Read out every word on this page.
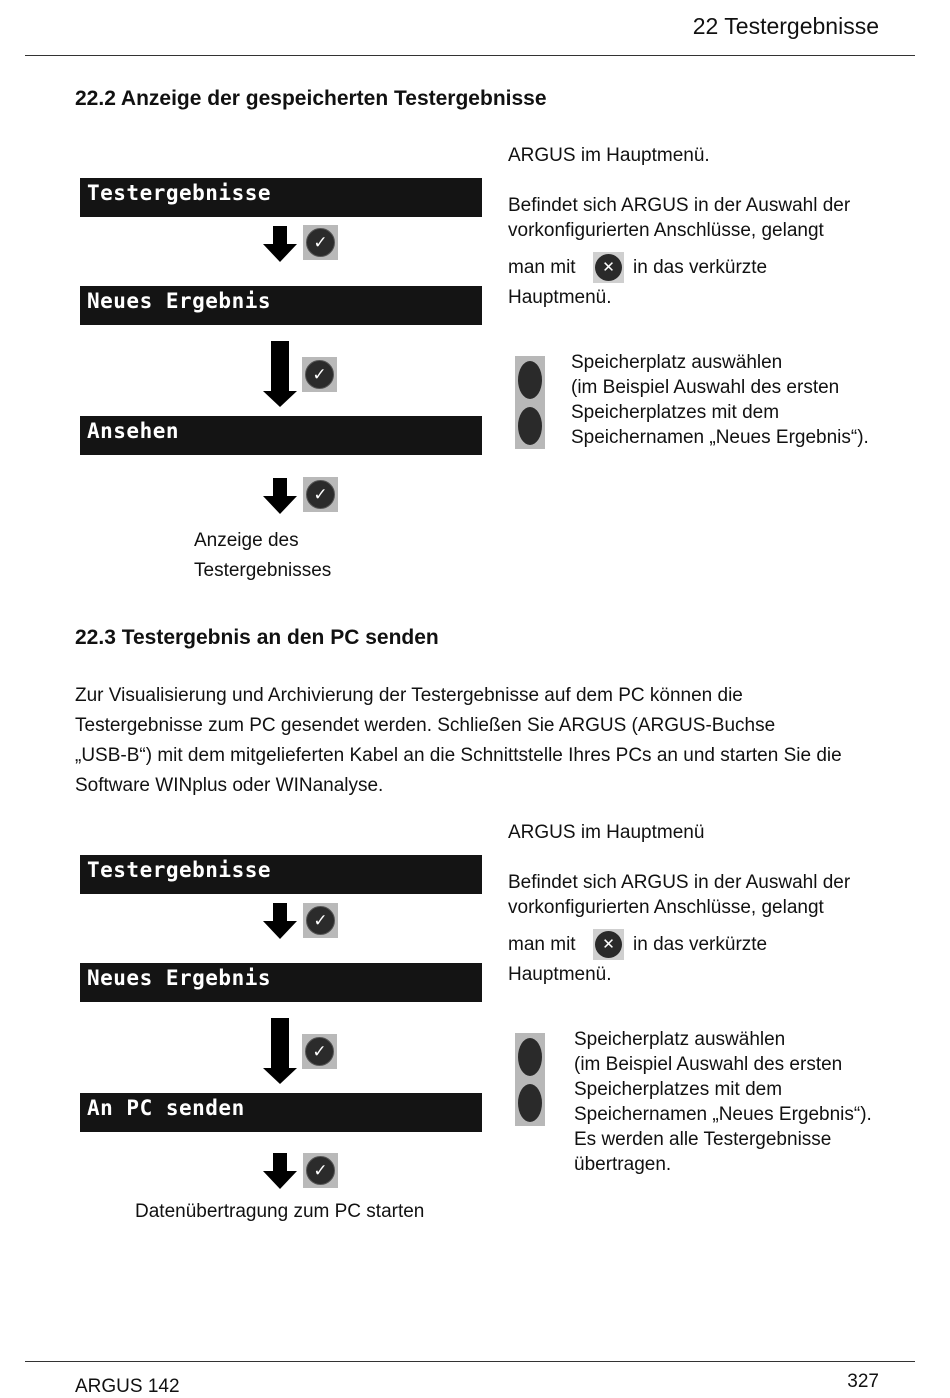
22 Testergebnisse
22.2 Anzeige der gespeicherten Testergebnisse
Testergebnisse
✓
Neues Ergebnis
✓
Ansehen
✓
Anzeige des
Testergebnisses
ARGUS im Hauptmenü.
Befindet sich ARGUS in der Auswahl der
vorkonfigurierten Anschlüsse, gelangt
man mit	✕ in das verkürzte
Hauptmenü.
Speicherplatz auswählen
(im Beispiel Auswahl des ersten
Speicherplatzes mit dem
Speichernamen „Neues Ergebnis“).
22.3 Testergebnis an den PC senden
Zur Visualisierung und Archivierung der Testergebnisse auf dem PC können die
Testergebnisse zum PC gesendet werden. Schließen Sie ARGUS (ARGUS-Buchse
„USB-B“) mit dem mitgelieferten Kabel an die Schnittstelle Ihres PCs an und starten Sie die
Software WINplus oder WINanalyse.
Testergebnisse
✓
Neues Ergebnis
✓
An PC senden
✓
Datenübertragung zum PC starten
ARGUS im Hauptmenü
Befindet sich ARGUS in der Auswahl der
vorkonfigurierten Anschlüsse, gelangt
man mit	✕ in das verkürzte
Hauptmenü.
Speicherplatz auswählen
(im Beispiel Auswahl des ersten
Speicherplatzes mit dem
Speichernamen „Neues Ergebnis“).
Es werden alle Testergebnisse
übertragen.
ARGUS 142	327
